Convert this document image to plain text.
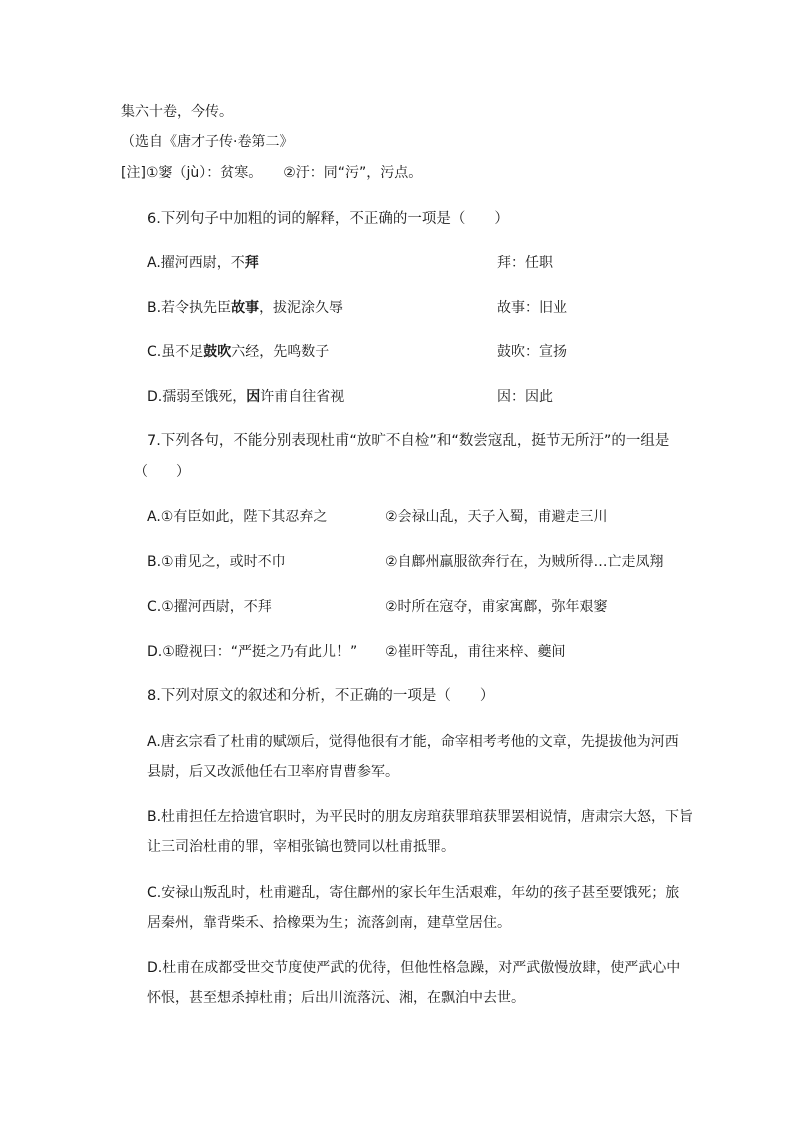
集六十卷，今传。
（选自《唐才子传·卷第二》
[注]①窭（jù）：贫寒。　　②汙：同“污”，污点。
6.下列句子中加粗的词的解释，不正确的一项是（　　）
A.擢河西尉，不拜	拜：任职
B.若令执先臣故事，拔泥涂久辱	故事：旧业
C.虽不足鼓吹六经，先鸣数子	鼓吹：宣扬
D.孺弱至饿死，因许甫自往省视	因：因此
7.下列各句，不能分别表现杜甫“放旷不自检”和“数尝寇乱，挺节无所汙”的一组是
（　　）
A.①有臣如此，陛下其忍弃之	②会禄山乱，天子入蜀，甫避走三川
B.①甫见之，或时不巾	②自鄜州羸服欲奔行在，为贼所得…亡走凤翔
C.①擢河西尉，不拜	②时所在寇夺，甫家寓鄜，弥年艰窭
D.①瞪视曰：“严挺之乃有此儿！” ②崔旰等乱，甫往来梓、夔间
8.下列对原文的叙述和分析，不正确的一项是（　　）
A.唐玄宗看了杜甫的赋颂后，觉得他很有才能，命宰相考考他的文章，先提拔他为河西
县尉，后又改派他任右卫率府胄曹参军。
B.杜甫担任左拾遗官职时，为平民时的朋友房琯获罪琯获罪罢相说情，唐肃宗大怒，下旨
让三司治杜甫的罪，宰相张镐也赞同以杜甫抵罪。
C.安禄山叛乱时，杜甫避乱，寄住鄜州的家长年生活艰难，年幼的孩子甚至要饿死；旅
居秦州，靠背柴禾、拾橡栗为生；流落剑南，建草堂居住。
D.杜甫在成都受世交节度使严武的优待，但他性格急躁，对严武傲慢放肆，使严武心中
怀恨，甚至想杀掉杜甫；后出川流落沅、湘，在飘泊中去世。
